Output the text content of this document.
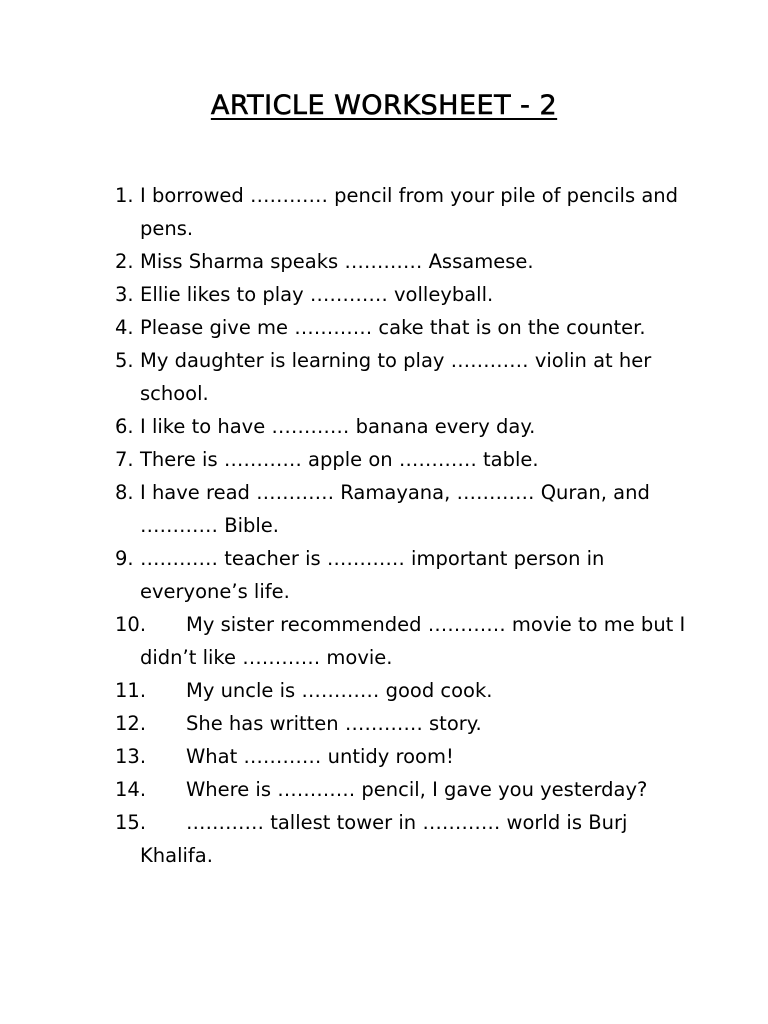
ARTICLE WORKSHEET - 2
1. I borrowed ………… pencil from your pile of pencils and pens.
2. Miss Sharma speaks ………… Assamese.
3. Ellie likes to play ………… volleyball.
4. Please give me ………… cake that is on the counter.
5. My daughter is learning to play ………… violin at her school.
6. I like to have ………… banana every day.
7. There is ………… apple on ………… table.
8. I have read ………… Ramayana, ………… Quran, and ………… Bible.
9. ………… teacher is ………… important person in everyone’s life.
10. My sister recommended ………… movie to me but I didn’t like ………… movie.
11. My uncle is ………… good cook.
12. She has written ………… story.
13. What ………… untidy room!
14. Where is ………… pencil, I gave you yesterday?
15. ………… tallest tower in ………… world is Burj Khalifa.
